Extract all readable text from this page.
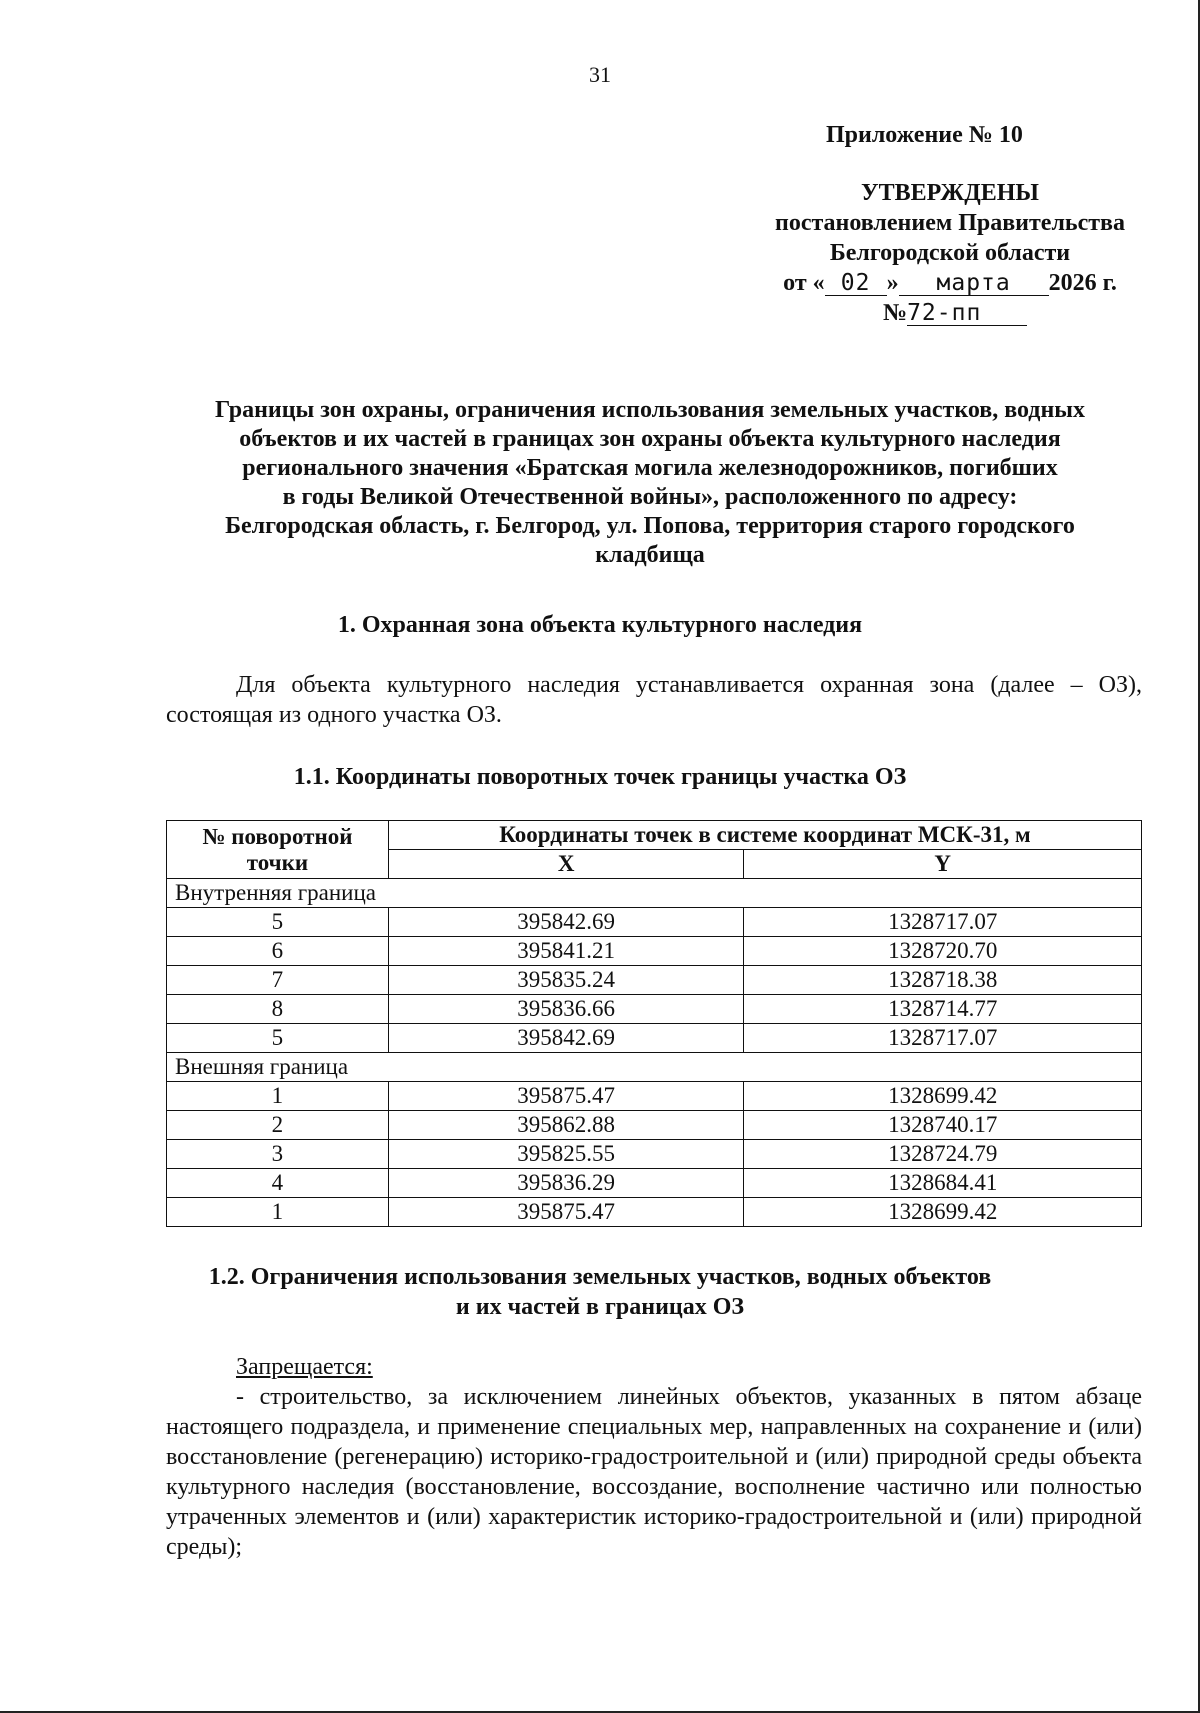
31
Приложение № 10
УТВЕРЖДЕНЫ
постановлением Правительства
Белгородской области
от « 02 » марта 2026 г.
№72-пп
Границы зон охраны, ограничения использования земельных участков, водных
объектов и их частей в границах зон охраны объекта культурного наследия
регионального значения «Братская могила железнодорожников, погибших
в годы Великой Отечественной войны», расположенного по адресу:
Белгородская область, г. Белгород, ул. Попова, территория старого городского
кладбища
1. Охранная зона объекта культурного наследия
Для объекта культурного наследия устанавливается охранная зона (далее – ОЗ), состоящая из одного участка ОЗ.
1.1. Координаты поворотных точек границы участка ОЗ
№ поворотной точки	Координаты точек в системе координат МСК-31, м	
	X	Y
Внутренняя граница		
5	395842.69	1328717.07
6	395841.21	1328720.70
7	395835.24	1328718.38
8	395836.66	1328714.77
5	395842.69	1328717.07
Внешняя граница		
1	395875.47	1328699.42
2	395862.88	1328740.17
3	395825.55	1328724.79
4	395836.29	1328684.41
1	395875.47	1328699.42
1.2. Ограничения использования земельных участков, водных объектов
и их частей в границах ОЗ
Запрещается:
- строительство, за исключением линейных объектов, указанных в пятом абзаце настоящего подраздела, и применение специальных мер, направленных на сохранение и (или) восстановление (регенерацию) историко-градостроительной и (или) природной среды объекта культурного наследия (восстановление, воссоздание, восполнение частично или полностью утраченных элементов и (или) характеристик историко-градостроительной и (или) природной среды);
